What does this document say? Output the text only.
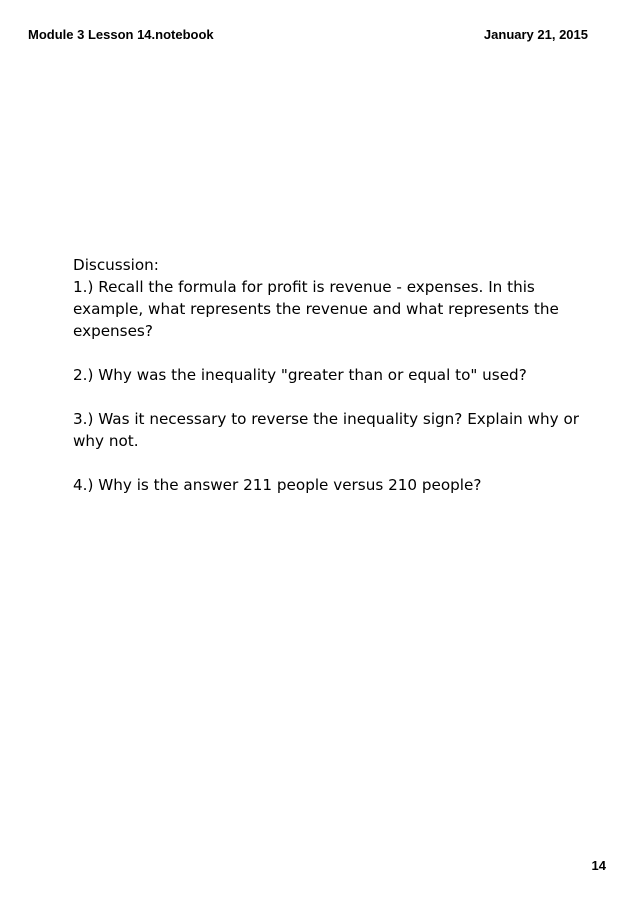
Module 3 Lesson 14.notebook	January 21, 2015

Discussion:

1.) Recall the formula for profit is revenue - expenses. In this example, what represents the revenue and what represents the expenses?

2.) Why was the inequality "greater than or equal to" used?

3.) Was it necessary to reverse the inequality sign? Explain why or why not.

4.) Why is the answer 211 people versus 210 people?

14
